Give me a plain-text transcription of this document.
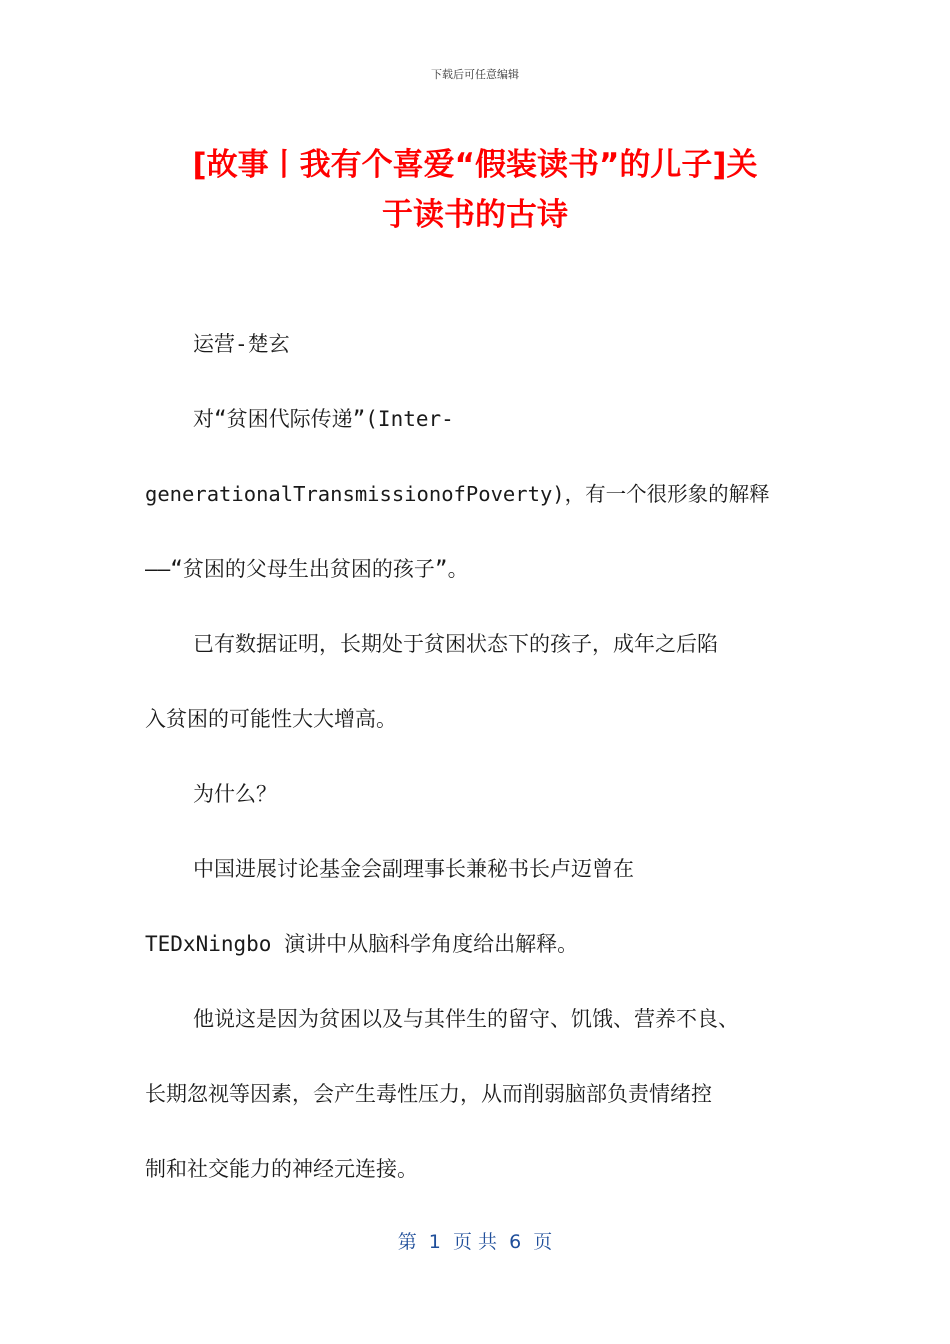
下载后可任意编辑
[故事丨我有个喜爱“假装读书”的儿子]关
于读书的古诗
运营-楚玄
对“贫困代际传递”(Inter-
generationalTransmissionofPoverty)，有一个很形象的解释
——“贫困的父母生出贫困的孩子”。
已有数据证明，长期处于贫困状态下的孩子，成年之后陷
入贫困的可能性大大增高。
为什么？
中国进展讨论基金会副理事长兼秘书长卢迈曾在
TEDxNingbo 演讲中从脑科学角度给出解释。
他说这是因为贫困以及与其伴生的留守、饥饿、营养不良、
长期忽视等因素，会产生毒性压力，从而削弱脑部负责情绪控
制和社交能力的神经元连接。
第  1  页 共  6  页
